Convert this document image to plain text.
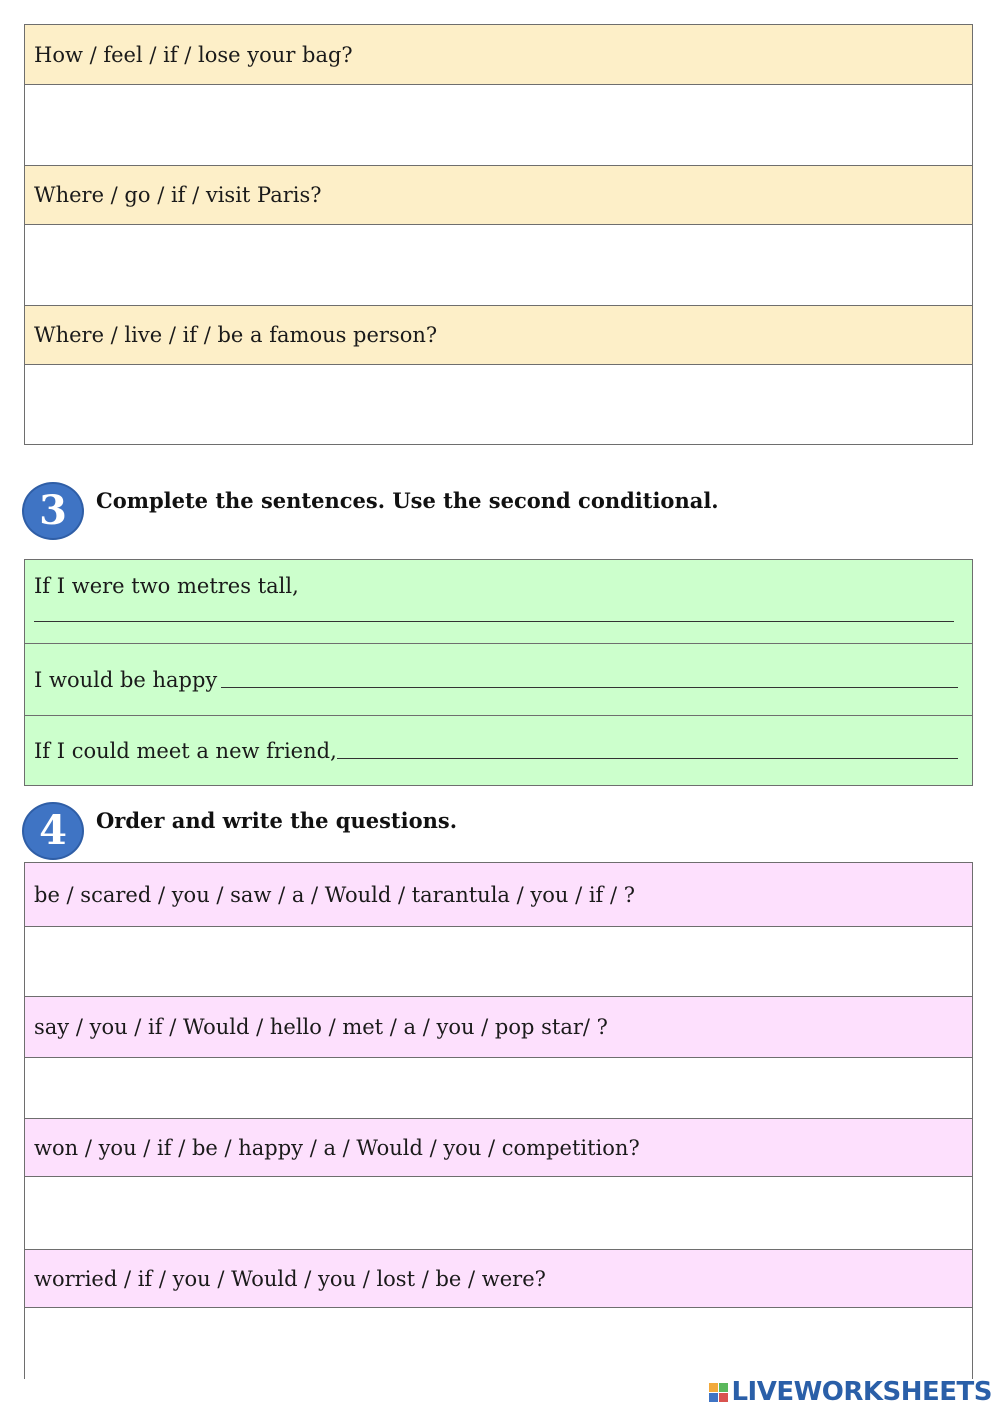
How / feel / if / lose your bag?
Where / go / if / visit Paris?
Where / live / if / be a famous person?
3	Complete the sentences. Use the second conditional.
If I were two metres tall,
I would be happy
If I could meet a new friend,
4	Order and write the questions.
be / scared / you / saw / a / Would / tarantula / you / if / ?
say / you / if / Would / hello / met / a / you / pop star/ ?
won / you / if / be / happy / a / Would / you / competition?
worried / if / you / Would / you / lost / be / were?
LIVEWORKSHEETS
